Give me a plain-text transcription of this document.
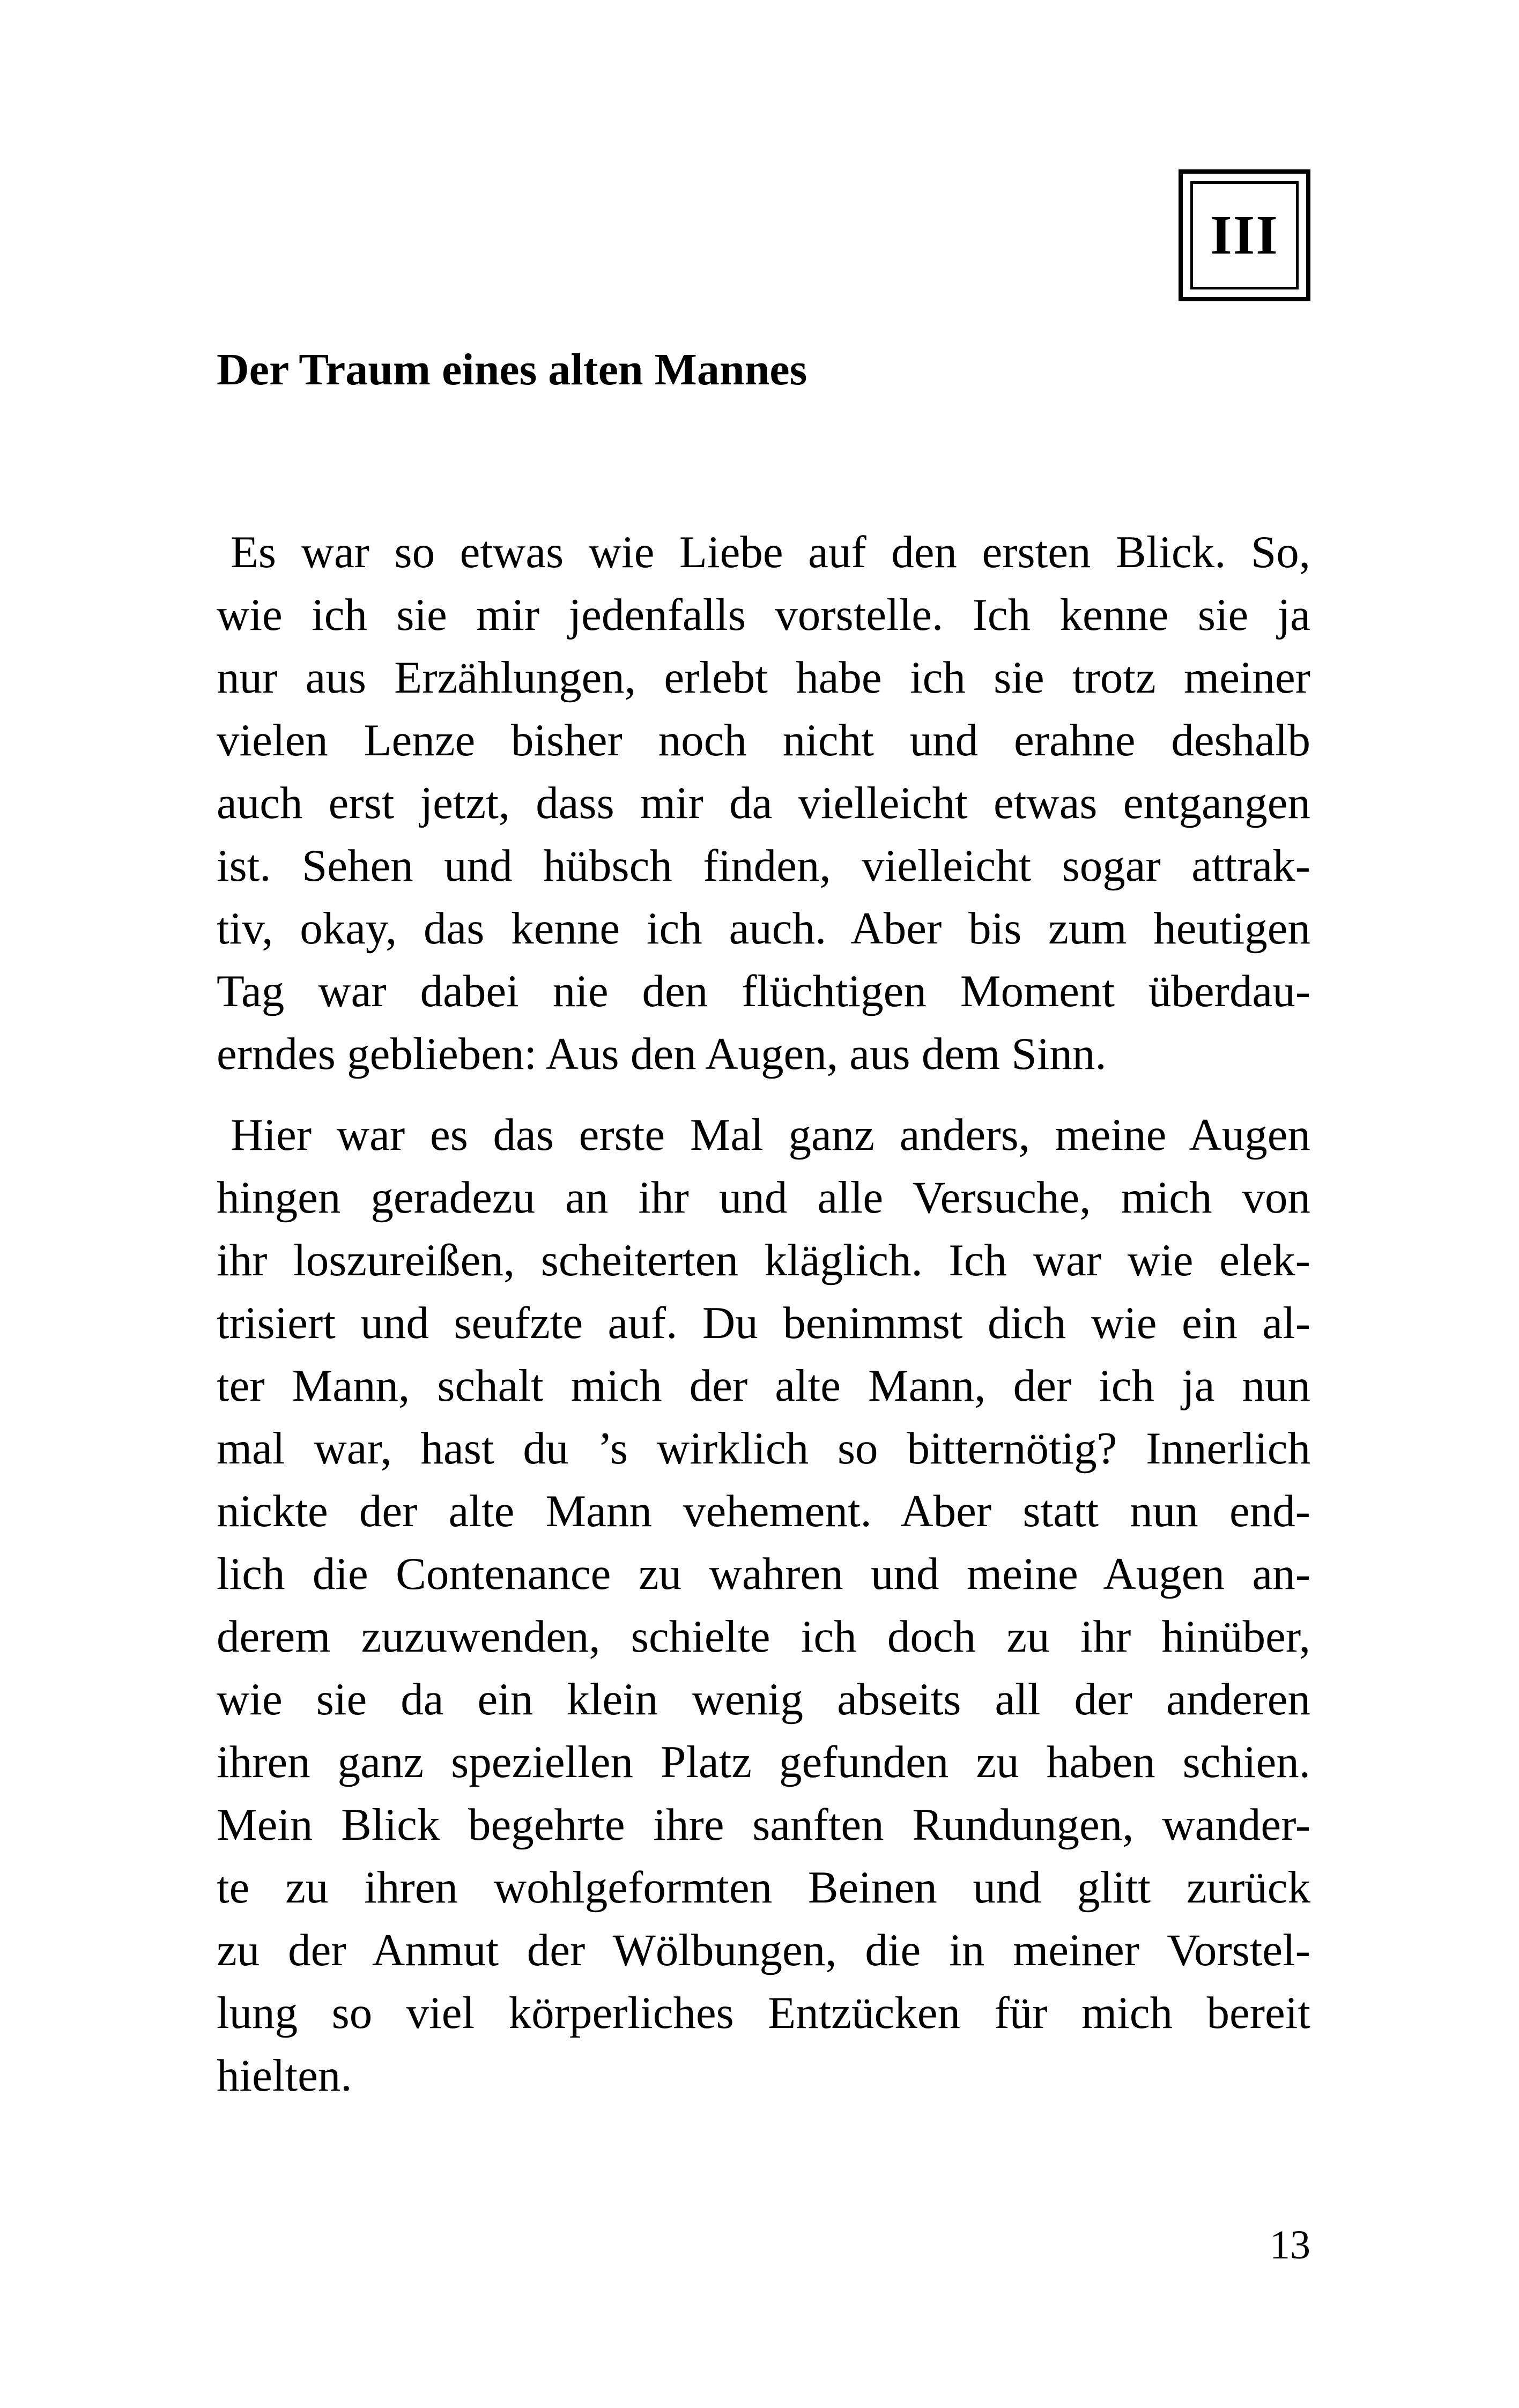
III
Der Traum eines alten Mannes
Es war so etwas wie Liebe auf den ersten Blick. So,
wie ich sie mir jedenfalls vorstelle. Ich kenne sie ja
nur aus Erzählungen, erlebt habe ich sie trotz meiner
vielen Lenze bisher noch nicht und erahne deshalb
auch erst jetzt, dass mir da vielleicht etwas entgangen
ist. Sehen und hübsch finden, vielleicht sogar attrak-
tiv, okay, das kenne ich auch. Aber bis zum heutigen
Tag war dabei nie den flüchtigen Moment überdau-
erndes geblieben: Aus den Augen, aus dem Sinn.
Hier war es das erste Mal ganz anders, meine Augen
hingen geradezu an ihr und alle Versuche, mich von
ihr loszureißen, scheiterten kläglich. Ich war wie elek-
trisiert und seufzte auf. Du benimmst dich wie ein al-
ter Mann, schalt mich der alte Mann, der ich ja nun
mal war, hast du ’s wirklich so bitternötig? Innerlich
nickte der alte Mann vehement. Aber statt nun end-
lich die Contenance zu wahren und meine Augen an-
derem zuzuwenden, schielte ich doch zu ihr hinüber,
wie sie da ein klein wenig abseits all der anderen
ihren ganz speziellen Platz gefunden zu haben schien.
Mein Blick begehrte ihre sanften Rundungen, wander-
te zu ihren wohlgeformten Beinen und glitt zurück
zu der Anmut der Wölbungen, die in meiner Vorstel-
lung so viel körperliches Entzücken für mich bereit
hielten.
13
